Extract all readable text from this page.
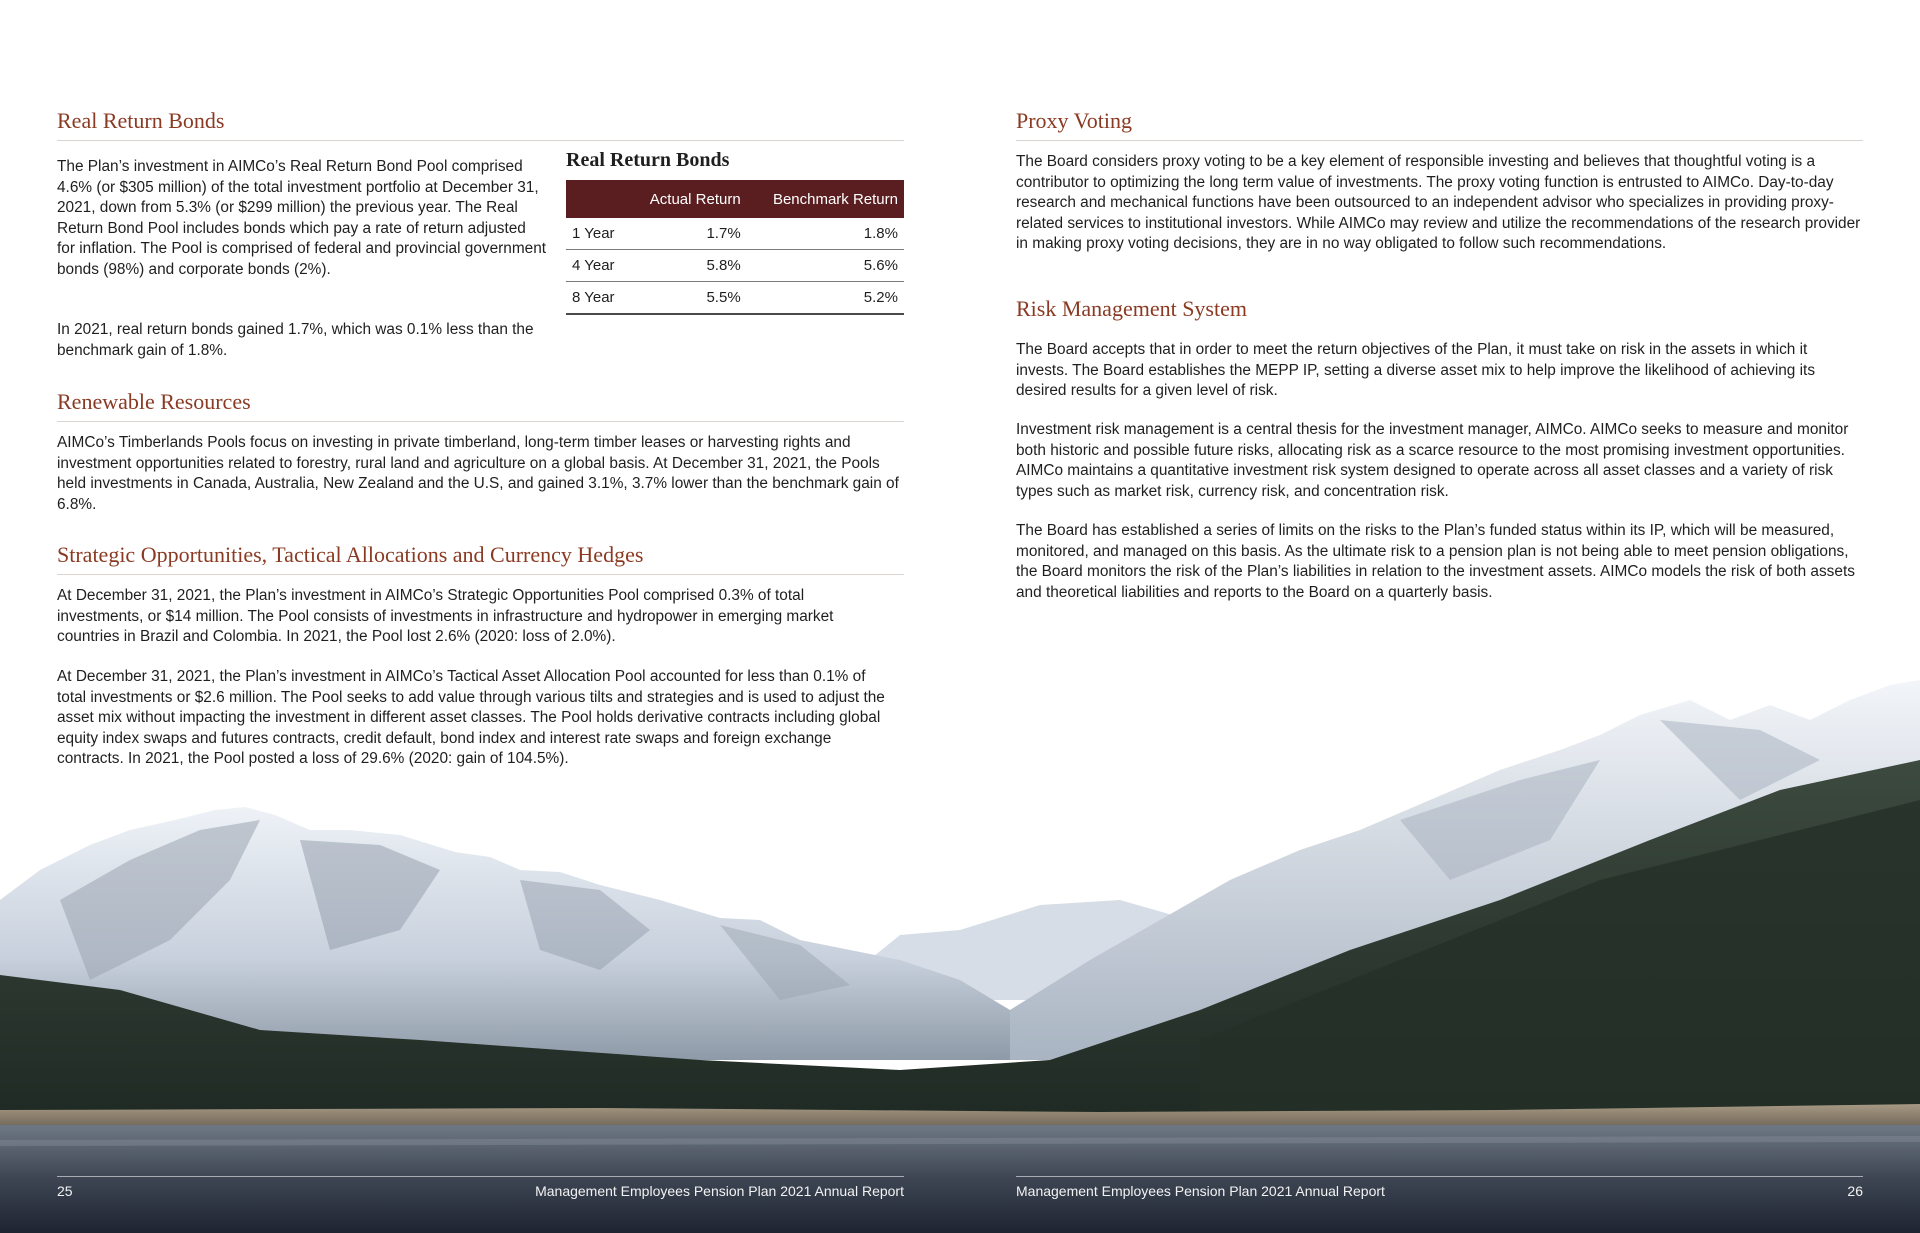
Real Return Bonds

The Plan’s investment in AIMCo’s Real Return Bond Pool comprised 4.6% (or $305 million) of the total investment portfolio at December 31, 2021, down from 5.3% (or $299 million) the previous year. The Real Return Bond Pool includes bonds which pay a rate of return adjusted for inflation. The Pool is comprised of federal and provincial government bonds (98%) and corporate bonds (2%).

In 2021, real return bonds gained 1.7%, which was 0.1% less than the benchmark gain of 1.8%.

Real Return Bonds
	Actual Return	Benchmark Return
1 Year	1.7%	1.8%
4 Year	5.8%	5.6%
8 Year	5.5%	5.2%
Renewable Resources

AIMCo’s Timberlands Pools focus on investing in private timberland, long-term timber leases or harvesting rights and investment opportunities related to forestry, rural land and agriculture on a global basis. At December 31, 2021, the Pools held investments in Canada, Australia, New Zealand and the U.S, and gained 3.1%, 3.7% lower than the benchmark gain of 6.8%.

Strategic Opportunities, Tactical Allocations and Currency Hedges

At December 31, 2021, the Plan’s investment in AIMCo’s Strategic Opportunities Pool comprised 0.3% of total investments, or $14 million. The Pool consists of investments in infrastructure and hydropower in emerging market countries in Brazil and Colombia. In 2021, the Pool lost 2.6% (2020: loss of 2.0%).

At December 31, 2021, the Plan’s investment in AIMCo’s Tactical Asset Allocation Pool accounted for less than 0.1% of total investments or $2.6 million. The Pool seeks to add value through various tilts and strategies and is used to adjust the asset mix without impacting the investment in different asset classes. The Pool holds derivative contracts including global equity index swaps and futures contracts, credit default, bond index and interest rate swaps and foreign exchange contracts. In 2021, the Pool posted a loss of 29.6% (2020: gain of 104.5%).

Proxy Voting

The Board considers proxy voting to be a key element of responsible investing and believes that thoughtful voting is a contributor to optimizing the long term value of investments. The proxy voting function is entrusted to AIMCo. Day-to-day research and mechanical functions have been outsourced to an independent advisor who specializes in providing proxy-related services to institutional investors. While AIMCo may review and utilize the recommendations of the research provider in making proxy voting decisions, they are in no way obligated to follow such recommendations.

Risk Management System

The Board accepts that in order to meet the return objectives of the Plan, it must take on risk in the assets in which it invests. The Board establishes the MEPP IP, setting a diverse asset mix to help improve the likelihood of achieving its desired results for a given level of risk.

Investment risk management is a central thesis for the investment manager, AIMCo. AIMCo seeks to measure and monitor both historic and possible future risks, allocating risk as a scarce resource to the most promising investment opportunities. AIMCo maintains a quantitative investment risk system designed to operate across all asset classes and a variety of risk types such as market risk, currency risk, and concentration risk.

The Board has established a series of limits on the risks to the Plan’s funded status within its IP, which will be measured, monitored, and managed on this basis. As the ultimate risk to a pension plan is not being able to meet pension obligations, the Board monitors the risk of the Plan’s liabilities in relation to the investment assets. AIMCo models the risk of both assets and theoretical liabilities and reports to the Board on a quarterly basis.

25	Management Employees Pension Plan 2021 Annual Report	Management Employees Pension Plan 2021 Annual Report	26
